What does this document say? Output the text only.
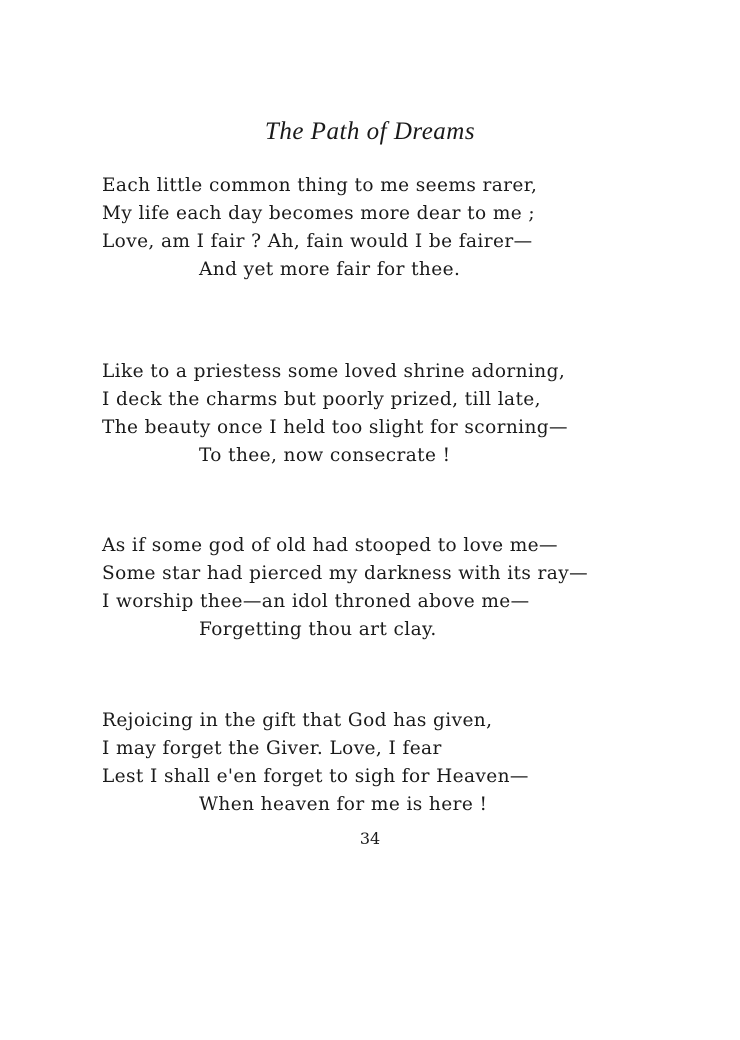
The Path of Dreams
Each little common thing to me seems rarer,
My life each day becomes more dear to me ;
Love, am I fair ? Ah, fain would I be fairer—
And yet more fair for thee.
Like to a priestess some loved shrine adorning,
I deck the charms but poorly prized, till late,
The beauty once I held too slight for scorning—
To thee, now consecrate !
As if some god of old had stooped to love me—
Some star had pierced my darkness with its ray—
I worship thee—an idol throned above me—
Forgetting thou art clay.
Rejoicing in the gift that God has given,
I may forget the Giver. Love, I fear
Lest I shall e'en forget to sigh for Heaven—
When heaven for me is here !
34
